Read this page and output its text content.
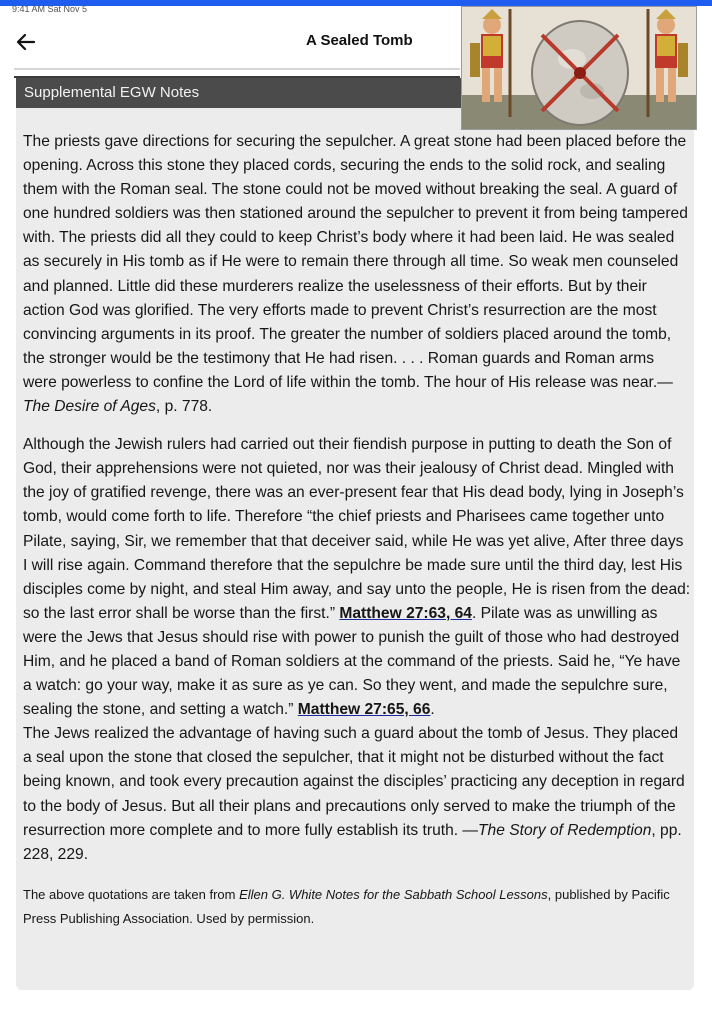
9:41 AM Sat Nov 5
A Sealed Tomb
Supplemental EGW Notes

The priests gave directions for securing the sepulcher. A great stone had been placed before the opening. Across this stone they placed cords, securing the ends to the solid rock, and sealing them with the Roman seal. The stone could not be moved without breaking the seal. A guard of one hundred soldiers was then stationed around the sepulcher to prevent it from being tampered with. The priests did all they could to keep Christ’s body where it had been laid. He was sealed as securely in His tomb as if He were to remain there through all time. So weak men counseled and planned. Little did these murderers realize the uselessness of their efforts. But by their action God was glorified. The very efforts made to prevent Christ’s resurrection are the most convincing arguments in its proof. The greater the number of soldiers placed around the tomb, the stronger would be the testimony that He had risen. . . . Roman guards and Roman arms were powerless to confine the Lord of life within the tomb. The hour of His release was near.—The Desire of Ages, p. 778.

Although the Jewish rulers had carried out their fiendish purpose in putting to death the Son of God, their apprehensions were not quieted, nor was their jealousy of Christ dead. Mingled with the joy of gratified revenge, there was an ever-present fear that His dead body, lying in Joseph’s tomb, would come forth to life. Therefore “the chief priests and Pharisees came together unto Pilate, saying, Sir, we remember that that deceiver said, while He was yet alive, After three days I will rise again. Command therefore that the sepulchre be made sure until the third day, lest His disciples come by night, and steal Him away, and say unto the people, He is risen from the dead: so the last error shall be worse than the first.” Matthew 27:63, 64. Pilate was as unwilling as were the Jews that Jesus should rise with power to punish the guilt of those who had destroyed Him, and he placed a band of Roman soldiers at the command of the priests. Said he, “Ye have a watch: go your way, make it as sure as ye can. So they went, and made the sepulchre sure, sealing the stone, and setting a watch.” Matthew 27:65, 66.

The Jews realized the advantage of having such a guard about the tomb of Jesus. They placed a seal upon the stone that closed the sepulcher, that it might not be disturbed without the fact being known, and took every precaution against the disciples’ practicing any deception in regard to the body of Jesus. But all their plans and precautions only served to make the triumph of the resurrection more complete and to more fully establish its truth. —The Story of Redemption, pp. 228, 229.

The above quotations are taken from Ellen G. White Notes for the Sabbath School Lessons, published by Pacific Press Publishing Association. Used by permission.
